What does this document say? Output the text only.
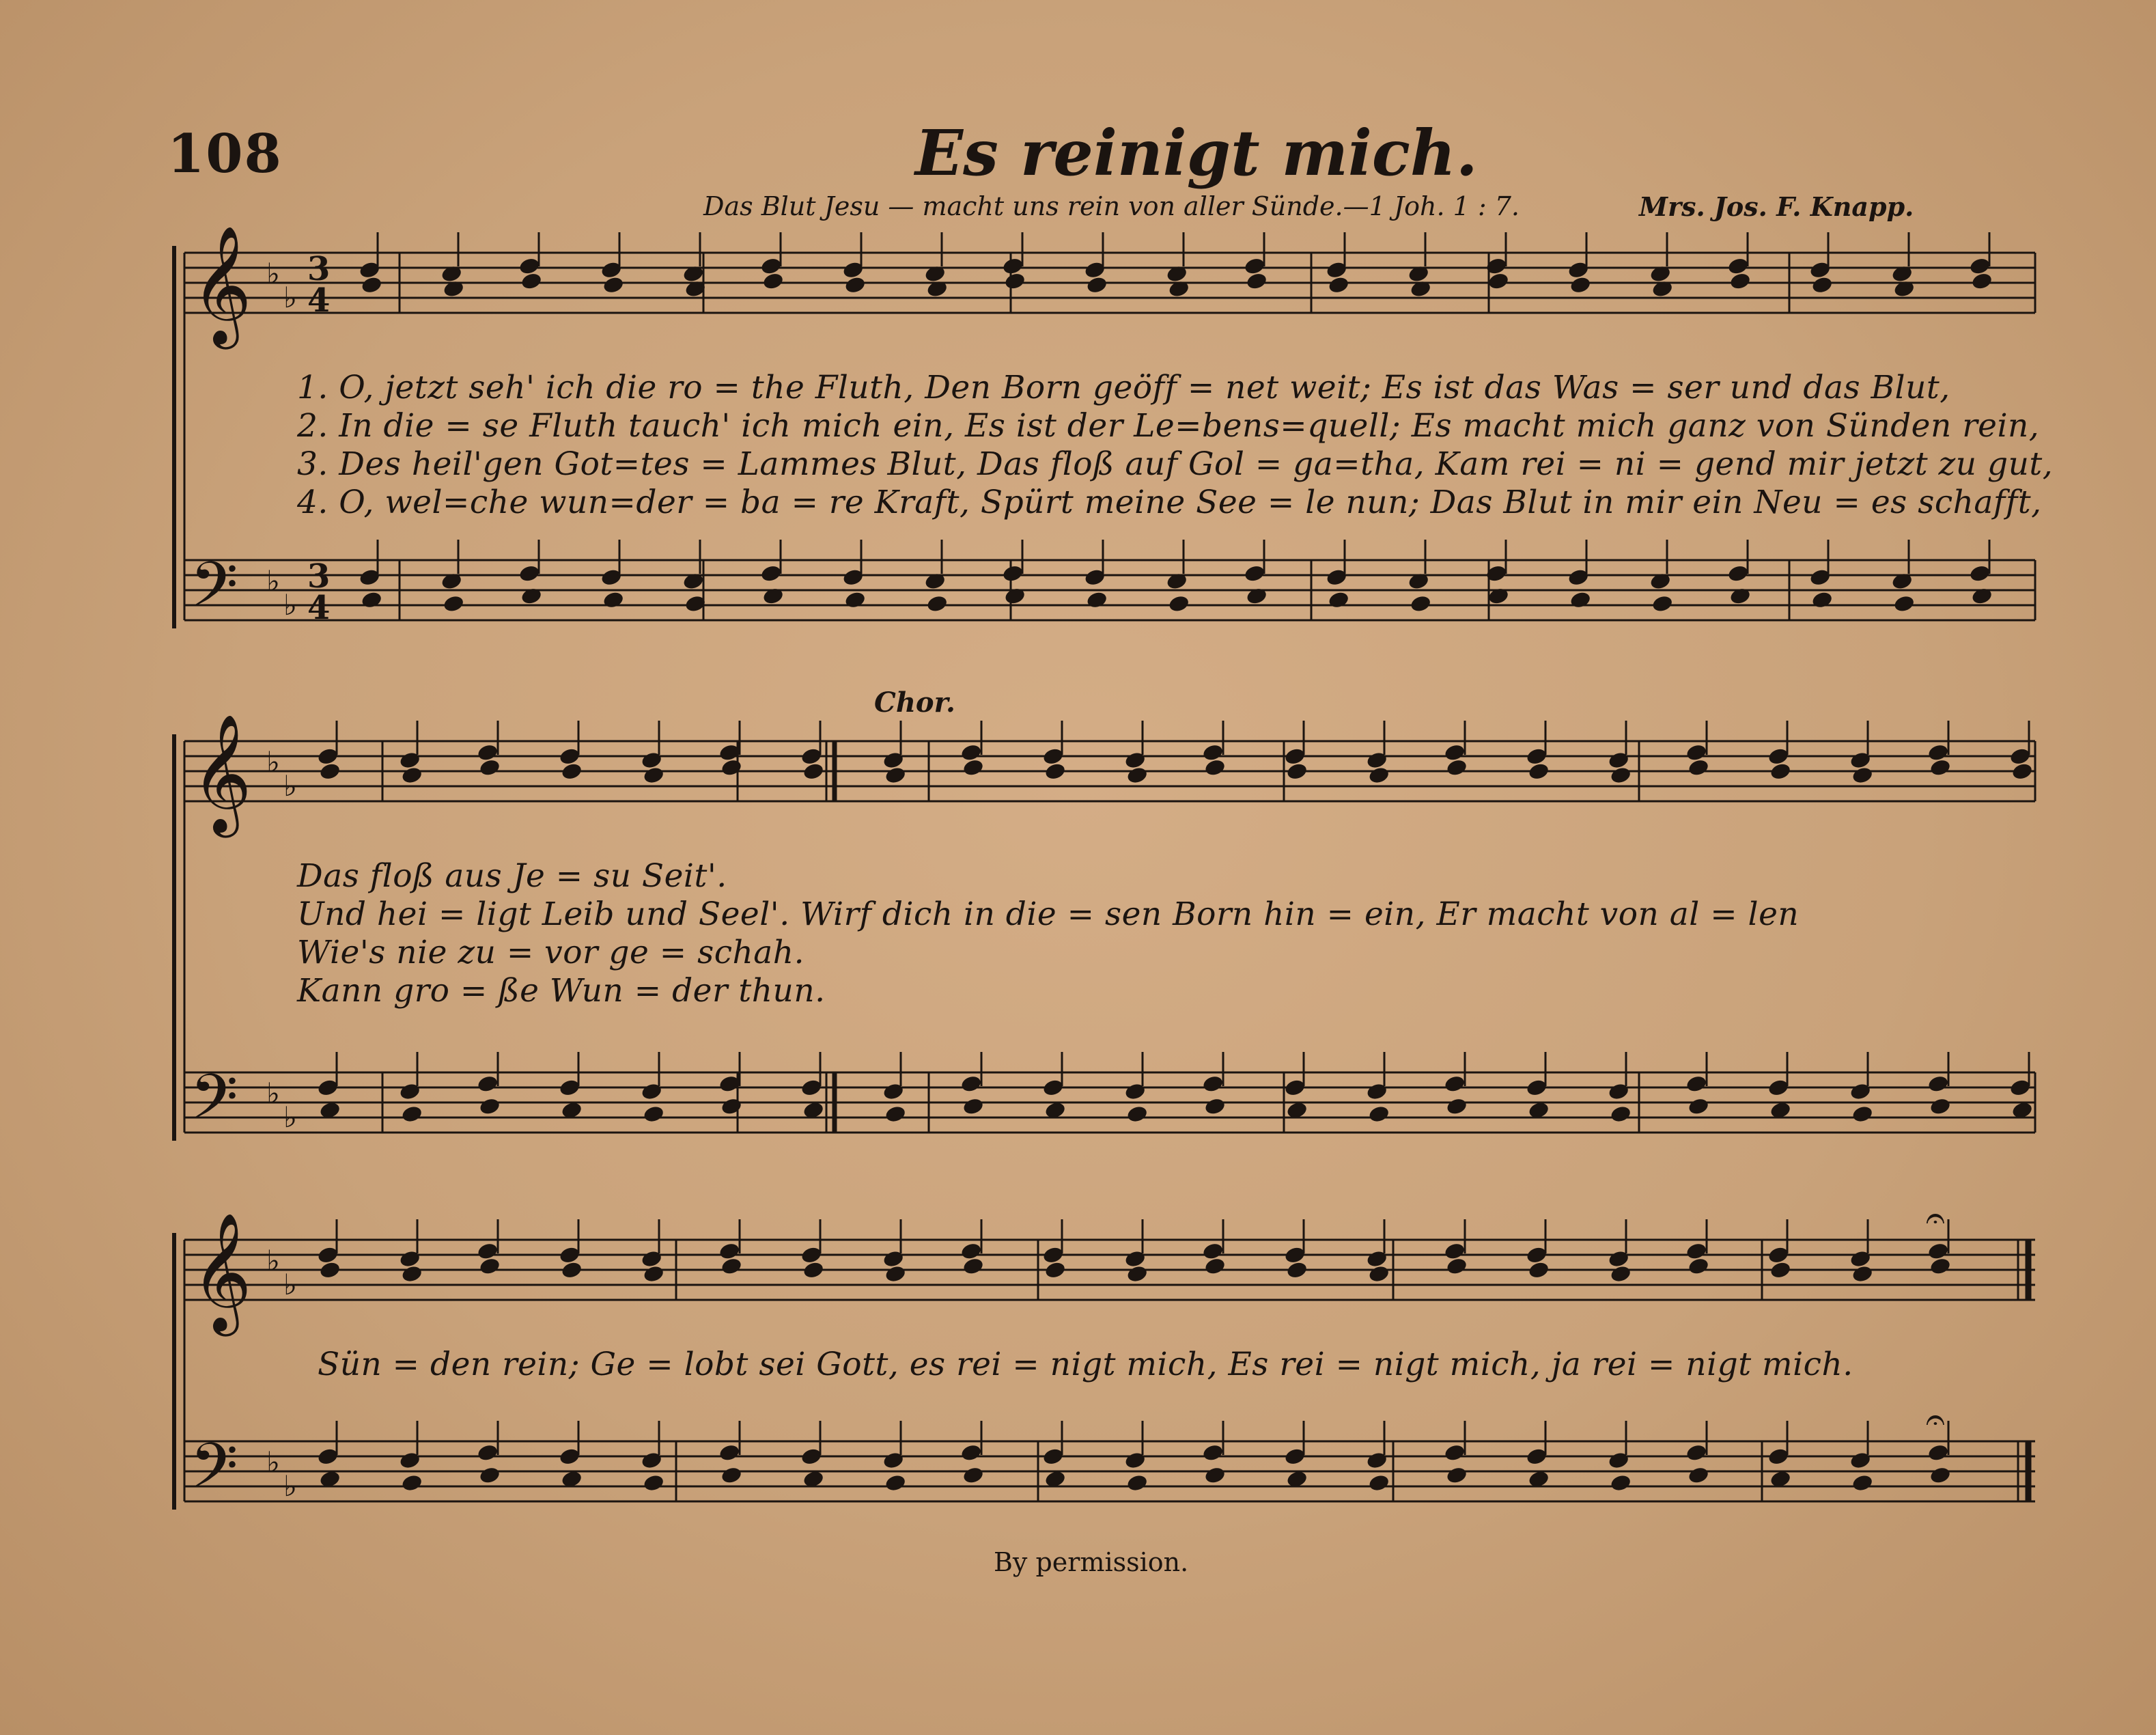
108	Es reinigt mich.
Das Blut Jesu — macht uns rein von aller Sünde.—1 Joh. 1 : 7.	Mrs. Jos. F. Knapp.
𝄞
𝄢
♭
♭
♭
♭
3
4
3
4
𝄞
𝄢
♭
♭
♭
♭
𝄞
𝄢
♭
♭
♭
♭
𝄐
𝄐
1. O, jetzt seh' ich die ro = the Fluth, Den Born geöff = net weit; Es ist das Was = ser und das Blut,
2. In die = se Fluth tauch' ich mich ein, Es ist der Le=bens=quell; Es macht mich ganz von Sünden rein,
3. Des heil'gen Got=tes = Lammes Blut, Das floß auf Gol = ga=tha, Kam rei = ni = gend mir jetzt zu gut,
4. O, wel=che wun=der = ba = re Kraft, Spürt meine See = le nun; Das Blut in mir ein Neu = es schafft,
Chor.
Das floß aus Je = su Seit'.
Und hei = ligt Leib und Seel'. Wirf dich in die = sen Born hin = ein, Er macht von al = len
Wie's nie zu = vor ge = schah.
Kann gro = ße Wun = der thun.
Sün = den rein; Ge = lobt sei Gott, es rei = nigt mich, Es rei = nigt mich, ja rei = nigt mich.
By permission.
